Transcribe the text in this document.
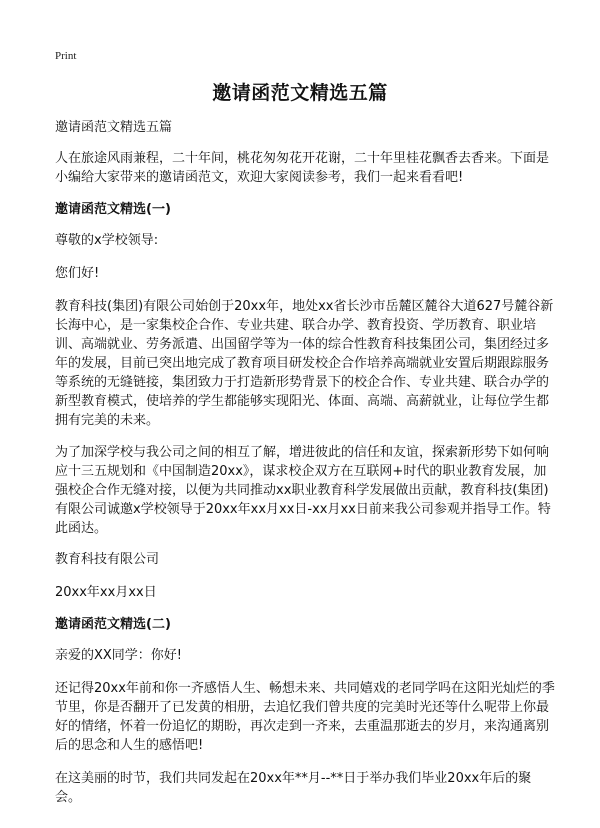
Print
邀请函范文精选五篇

邀请函范文精选五篇

人在旅途风雨兼程，二十年间，桃花匆匆花开花谢，二十年里桂花飘香去香来。下面是小编给大家带来的邀请函范文，欢迎大家阅读参考，我们一起来看看吧!

邀请函范文精选(一)

尊敬的x学校领导:

您们好!

教育科技(集团)有限公司始创于20xx年，地处xx省长沙市岳麓区麓谷大道627号麓谷新长海中心，是一家集校企合作、专业共建、联合办学、教育投资、学历教育、职业培训、高端就业、劳务派遣、出国留学等为一体的综合性教育科技集团公司，集团经过多年的发展，目前已突出地完成了教育项目研发校企合作培养高端就业安置后期跟踪服务等系统的无缝链接，集团致力于打造新形势背景下的校企合作、专业共建、联合办学的新型教育模式，使培养的学生都能够实现阳光、体面、高端、高薪就业，让每位学生都拥有完美的未来。

为了加深学校与我公司之间的相互了解，增进彼此的信任和友谊，探索新形势下如何响应十三五规划和《中国制造20xx》，谋求校企双方在互联网+时代的职业教育发展，加强校企合作无缝对接，以便为共同推动xx职业教育科学发展做出贡献，教育科技(集团)有限公司诚邀x学校领导于20xx年xx月xx日-xx月xx日前来我公司参观并指导工作。特此函达。

教育科技有限公司

20xx年xx月xx日

邀请函范文精选(二)

亲爱的XX同学：你好!

还记得20xx年前和你一齐感悟人生、畅想未来、共同嬉戏的老同学吗在这阳光灿烂的季节里，你是否翻开了已发黄的相册，去追忆我们曾共度的完美时光还等什么呢带上你最好的情绪，怀着一份追忆的期盼，再次走到一齐来，去重温那逝去的岁月，来沟通离别后的思念和人生的感悟吧!

在这美丽的时节，我们共同发起在20xx年**月--**日于举办我们毕业20xx年后的聚会。
